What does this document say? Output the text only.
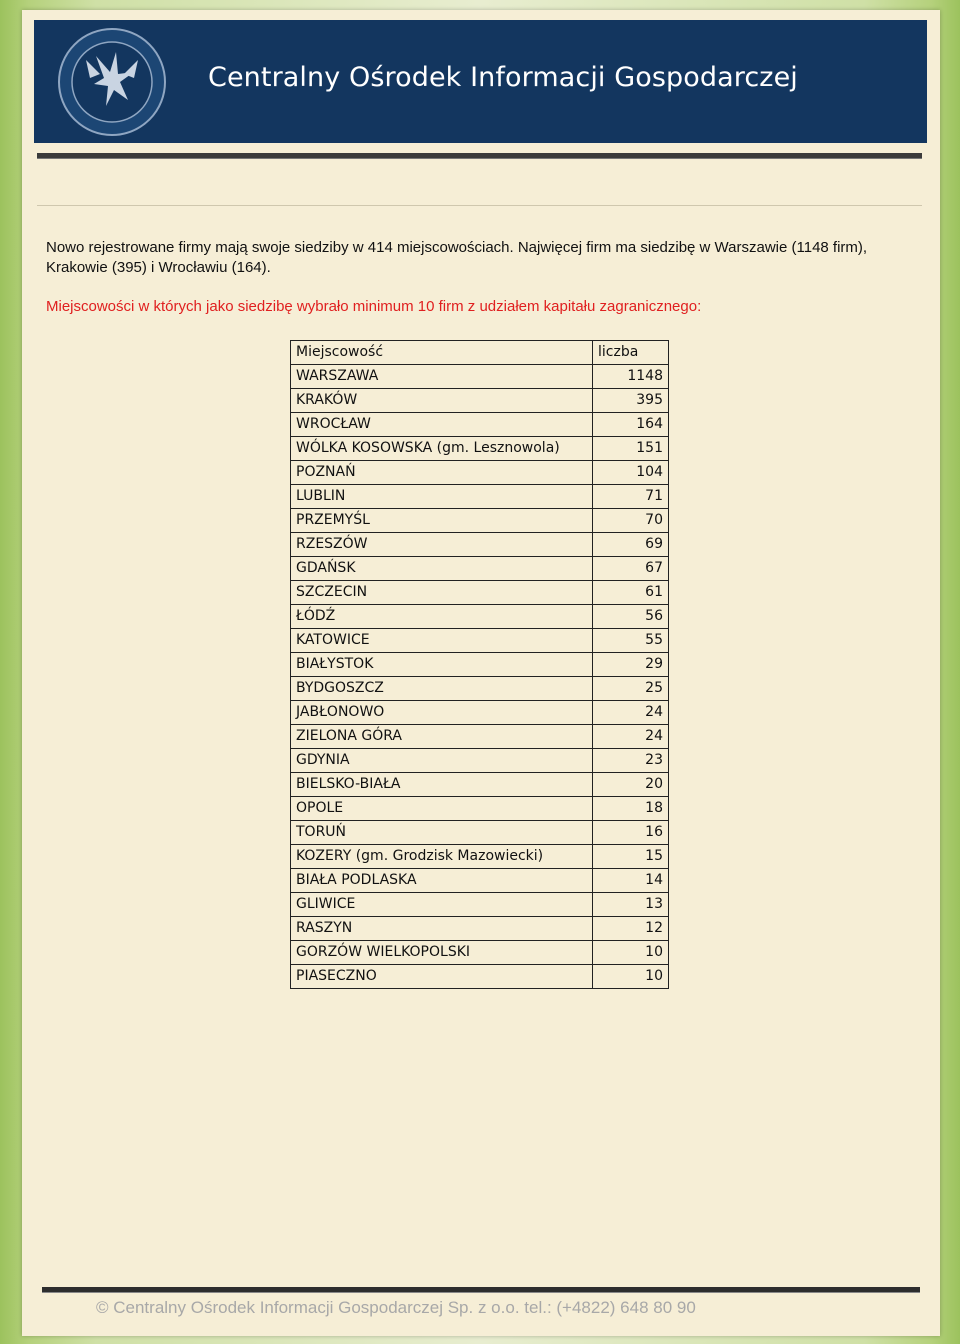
Centralny Ośrodek Informacji Gospodarczej
Nowo rejestrowane firmy mają swoje siedziby w 414 miejscowościach. Najwięcej firm ma siedzibę w Warszawie (1148 firm), Krakowie (395) i Wrocławiu (164).
Miejscowości w których jako siedzibę wybrało minimum 10 firm z udziałem kapitału zagranicznego:
Miejscowość	liczba
WARSZAWA	1148
KRAKÓW	395
WROCŁAW	164
WÓLKA KOSOWSKA (gm. Lesznowola)	151
POZNAŃ	104
LUBLIN	71
PRZEMYŚL	70
RZESZÓW	69
GDAŃSK	67
SZCZECIN	61
ŁÓDŹ	56
KATOWICE	55
BIAŁYSTOK	29
BYDGOSZCZ	25
JABŁONOWO	24
ZIELONA GÓRA	24
GDYNIA	23
BIELSKO-BIAŁA	20
OPOLE	18
TORUŃ	16
KOZERY (gm. Grodzisk Mazowiecki)	15
BIAŁA PODLASKA	14
GLIWICE	13
RASZYN	12
GORZÓW WIELKOPOLSKI	10
PIASECZNO	10
© Centralny Ośrodek Informacji Gospodarczej Sp. z o.o. tel.: (+4822) 648 80 90
